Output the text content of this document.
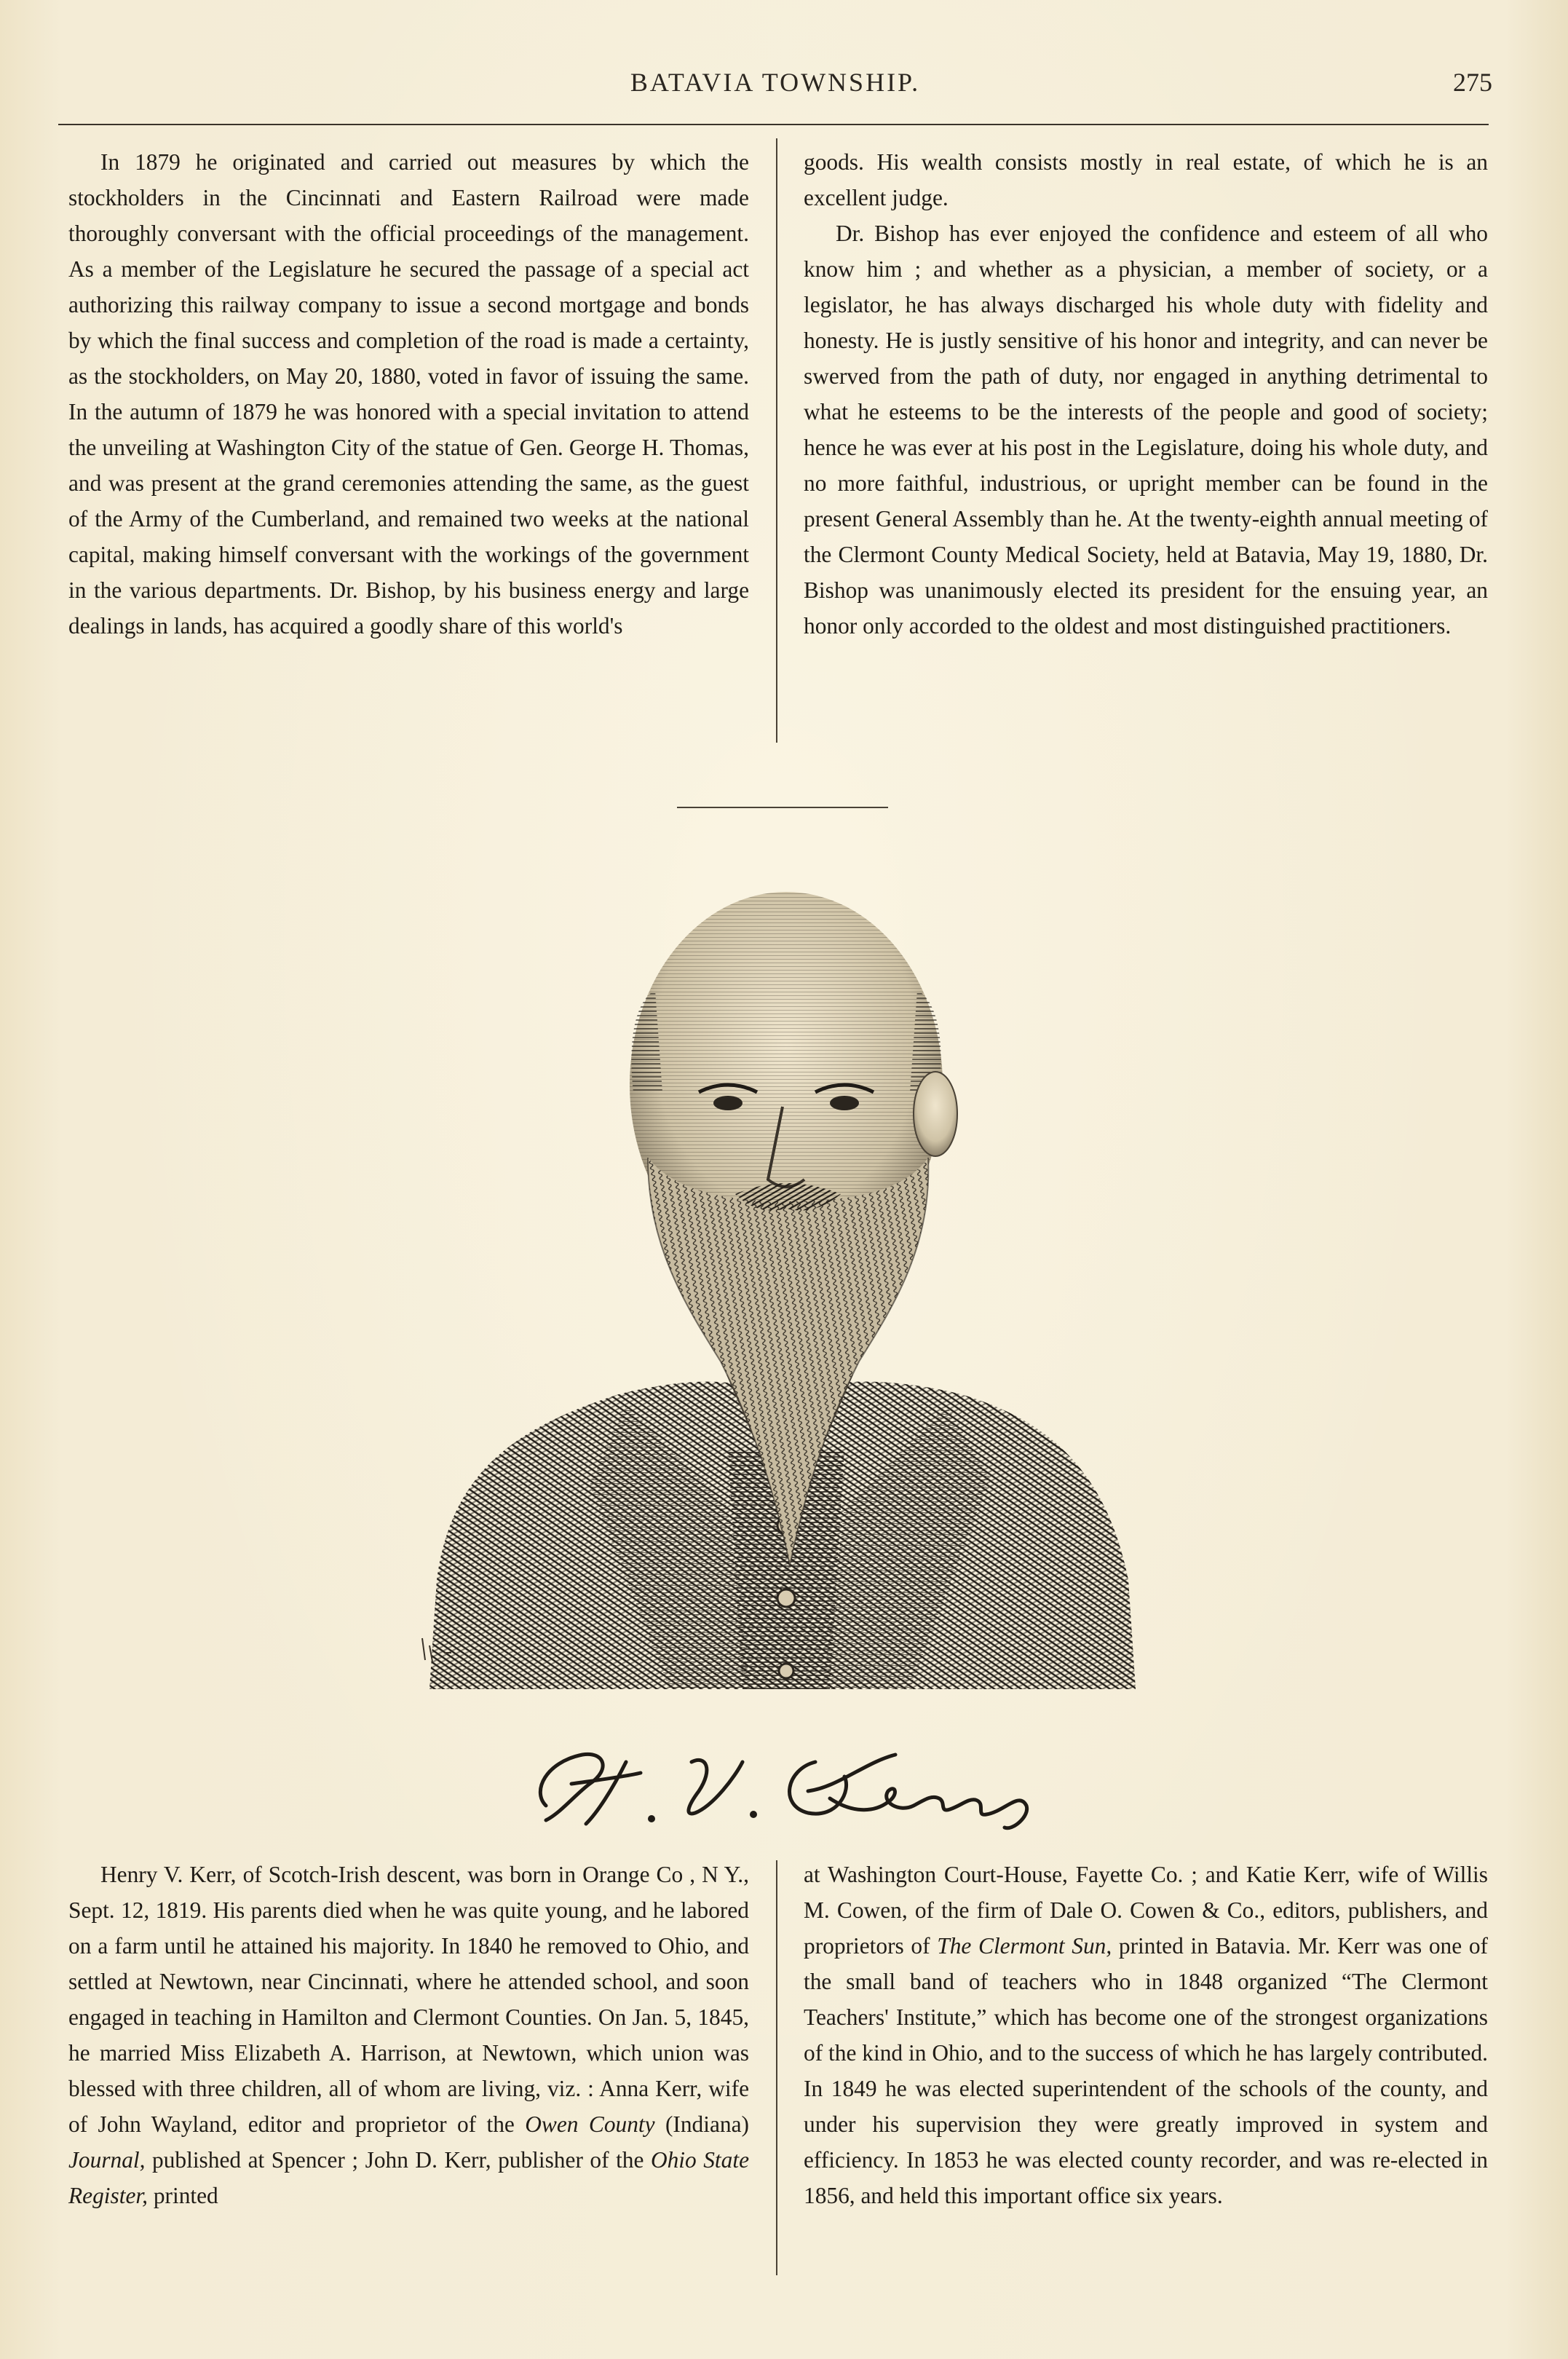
BATAVIA TOWNSHIP.	275

In 1879 he originated and carried out measures by which the stockholders in the Cincinnati and Eastern Railroad were made thoroughly conversant with the official proceedings of the management. As a member of the Legislature he secured the passage of a special act authorizing this railway company to issue a second mortgage and bonds by which the final success and completion of the road is made a certainty, as the stockholders, on May 20, 1880, voted in favor of issuing the same. In the autumn of 1879 he was honored with a special invitation to attend the unveiling at Washington City of the statue of Gen. George H. Thomas, and was present at the grand ceremonies attending the same, as the guest of the Army of the Cumberland, and remained two weeks at the national capital, making himself conversant with the workings of the government in the various departments. Dr. Bishop, by his business energy and large dealings in lands, has acquired a goodly share of this world's

goods. His wealth consists mostly in real estate, of which he is an excellent judge.

Dr. Bishop has ever enjoyed the confidence and esteem of all who know him ; and whether as a physician, a member of society, or a legislator, he has always discharged his whole duty with fidelity and honesty. He is justly sensitive of his honor and integrity, and can never be swerved from the path of duty, nor engaged in anything detrimental to what he esteems to be the interests of the people and good of society; hence he was ever at his post in the Legislature, doing his whole duty, and no more faithful, industrious, or upright member can be found in the present General Assembly than he. At the twenty-eighth annual meeting of the Clermont County Medical Society, held at Batavia, May 19, 1880, Dr. Bishop was unanimously elected its president for the ensuing year, an honor only accorded to the oldest and most distinguished practitioners.

Henry V. Kerr, of Scotch-Irish descent, was born in Orange Co , N Y., Sept. 12, 1819. His parents died when he was quite young, and he labored on a farm until he attained his majority. In 1840 he removed to Ohio, and settled at Newtown, near Cincinnati, where he attended school, and soon engaged in teaching in Hamilton and Clermont Counties. On Jan. 5, 1845, he married Miss Elizabeth A. Harrison, at Newtown, which union was blessed with three children, all of whom are living, viz. : Anna Kerr, wife of John Wayland, editor and proprietor of the Owen County (Indiana) Journal, published at Spencer ; John D. Kerr, publisher of the Ohio State Register, printed

at Washington Court-House, Fayette Co. ; and Katie Kerr, wife of Willis M. Cowen, of the firm of Dale O. Cowen & Co., editors, publishers, and proprietors of The Clermont Sun, printed in Batavia. Mr. Kerr was one of the small band of teachers who in 1848 organized “The Clermont Teachers' Institute,” which has become one of the strongest organizations of the kind in Ohio, and to the success of which he has largely contributed. In 1849 he was elected superintendent of the schools of the county, and under his supervision they were greatly improved in system and efficiency. In 1853 he was elected county recorder, and was re-elected in 1856, and held this important office six years.
